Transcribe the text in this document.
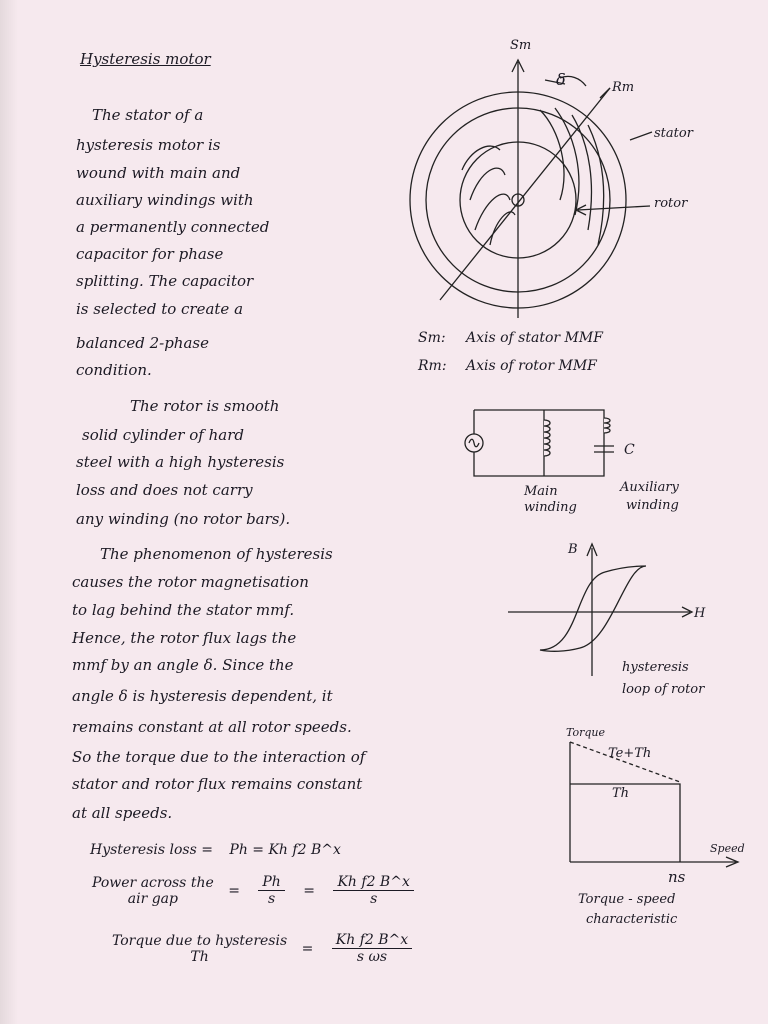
Hysteresis motor
The stator of a
hysteresis motor is
wound with main and
auxiliary windings with
a permanently connected
capacitor for phase
splitting. The capacitor
is selected to create a
balanced 2-phase
condition.
The rotor is smooth
solid cylinder of hard
steel with a high hysteresis
loss and does not carry
any winding (no rotor bars).
The phenomenon of hysteresis
causes the rotor magnetisation
to lag behind the stator mmf.
Hence, the rotor flux lags the
mmf by an angle δ. Since the
angle δ is hysteresis dependent, it
remains constant at all rotor speeds.
So the torque due to the interaction of
stator and rotor flux remains constant
at all speeds.
Hysteresis loss = Ph = Kh f2 B^x
Power across the
air gap	= $\frac{Ph}{s} = \frac{\text{Kh f2 B\textasciicircum{}x}}{s}$
Torque due to hysteresis
Th	= $\frac{\text{Kh f2 B\textasciicircum{}x}}{\text{s ωs}}$
Sm
δ	Rm
stator
rotor
Sm: Axis of stator MMF
Rm: Axis of rotor MMF
C
Main
winding
Auxiliary
winding
B
H
hysteresis
loop of rotor
Torque
Te+Th
Th
Speed
ns
Torque - speed
characteristic
